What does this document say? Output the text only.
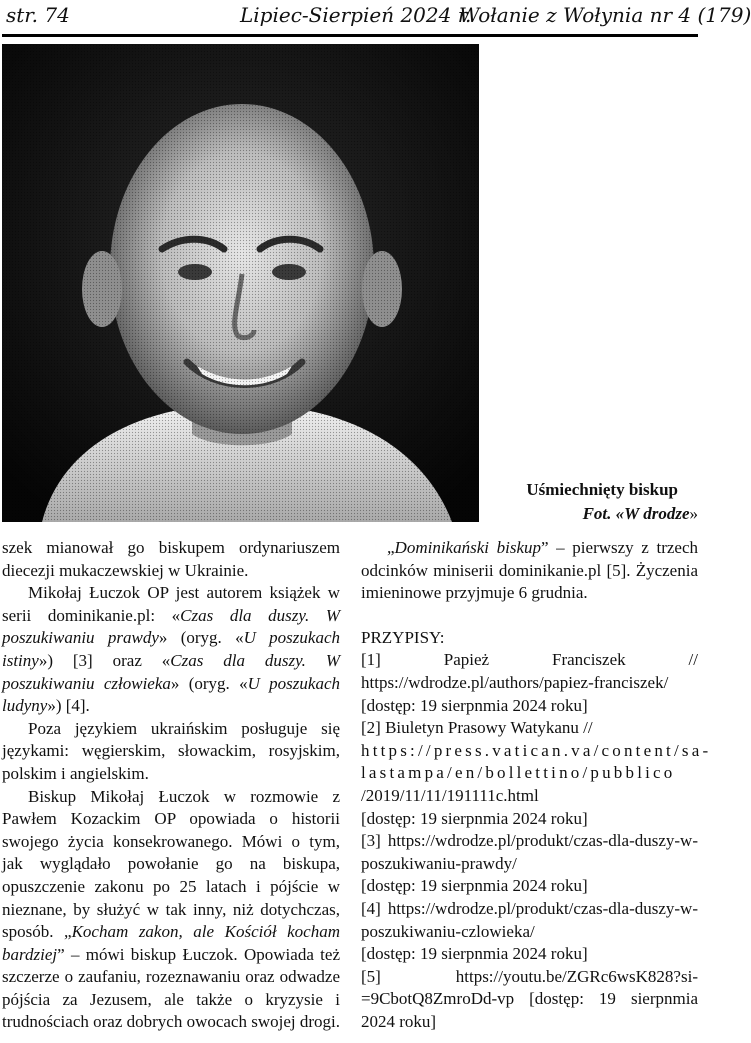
str. 74	Lipiec-Sierpień 2024 r.
Wołanie z Wołynia nr 4 (179)
Uśmiechnięty biskup
Fot. «W drodze»

szek mianował go biskupem ordynariuszem diecezji mukaczewskiej w Ukrainie.

Mikołaj Łuczok OP jest autorem książek w serii dominikanie.pl: «Czas dla duszy. W poszukiwaniu prawdy» (oryg. «U poszukach istiny») [3] oraz «Czas dla duszy. W poszukiwaniu człowieka» (oryg. «U poszukach ludyny») [4].

Poza językiem ukraińskim posługuje się językami: węgierskim, słowackim, rosyjskim, polskim i angielskim.

Biskup Mikołaj Łuczok w rozmowie z Pawłem Kozackim OP opowiada o historii swojego życia konsekrowanego. Mówi o tym, jak wyglądało powołanie go na biskupa, opuszczenie zakonu po 25 latach i pójście w nieznane, by służyć w tak inny, niż dotychczas, sposób. „Kocham zakon, ale Kościół kocham bardziej” – mówi biskup Łuczok. Opowiada też szczerze o zaufaniu, rozeznawaniu oraz odwadze pójścia za Jezusem, ale także o kryzysie i trudnościach oraz dobrych owocach swojej drogi.

„Dominikański biskup” – pierwszy z trzech odcinków miniserii dominikanie.pl [5]. Życzenia imieninowe przyjmuje 6 grudnia.

PRZYPISY:

[1] Papież Franciszek // https://wdrodze.pl/authors/papiez-franciszek/

[dostęp: 19 sierpnmia 2024 roku]

[2] Biuletyn Prasowy Watykanu //

https://press.vatican.va/content/salastampa/en/bollettino/pubblico

/2019/11/11/191111c.html

[dostęp: 19 sierpnmia 2024 roku]

[3] https://wdrodze.pl/produkt/czas-dla-duszy-w-poszukiwaniu-prawdy/

[dostęp: 19 sierpnmia 2024 roku]

[4] https://wdrodze.pl/produkt/czas-dla-duszy-w-poszukiwaniu-czlowieka/

[dostęp: 19 sierpnmia 2024 roku]

[5] https://youtu.be/ZGRc6wsK828?si=9CbotQ8ZmroDd-vp [dostęp: 19 sierpnmia 2024 roku]
